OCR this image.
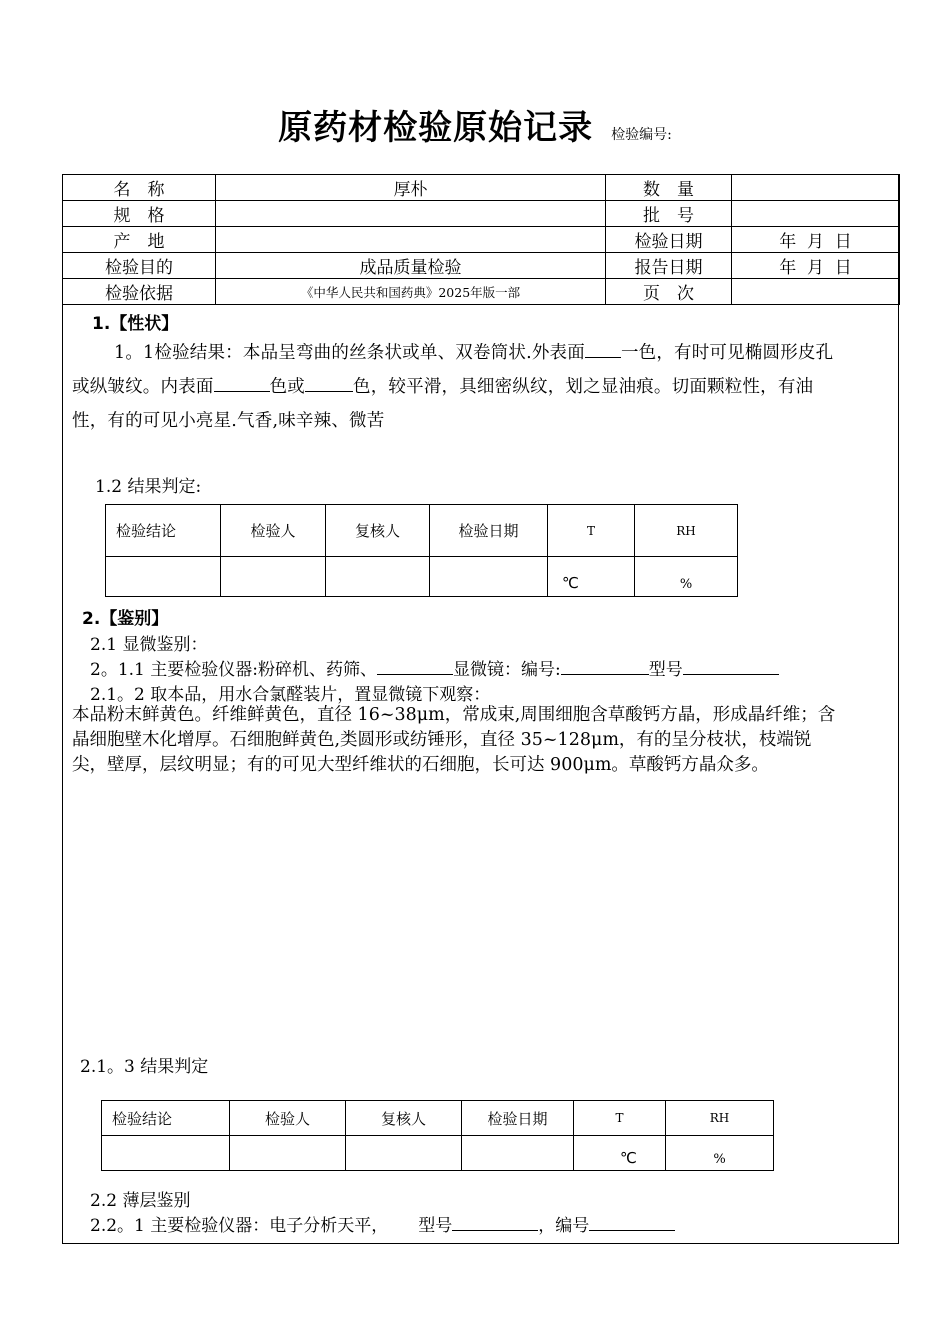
原药材检验原始记录 检验编号:
名　称	厚朴	数　量	
规　格		批　号	
产　地		检验日期	年  月  日
检验目的	成品质量检验	报告日期	年  月  日
检验依据	《中华人民共和国药典》2025年版一部	页　次	
1.【性状】
1。1检验结果：本品呈弯曲的丝条状或单、双卷筒状.外表面 一色，有时可见椭圆形皮孔
或纵皱纹。内表面	色或	色，较平滑，具细密纵纹，划之显油痕。切面颗粒性，有油
性，有的可见小亮星.气香,味辛辣、微苦
1.2 结果判定:
检验结论	检验人	复核人	检验日期	T	RH
				℃	%
2.【鉴别】
2.1 显微鉴别：
2。1.1 主要检验仪器:粉碎机、药筛、	显微镜：编号:	型号
2.1。2 取本品，用水合氯醛装片，置显微镜下观察：
本品粉末鲜黄色。纤维鲜黄色，直径 16~38μm，常成束,周围细胞含草酸钙方晶，形成晶纤维；含
晶细胞壁木化增厚。石细胞鲜黄色,类圆形或纺锤形，直径 35~128μm，有的呈分枝状，枝端锐
尖，壁厚，层纹明显；有的可见大型纤维状的石细胞，长可达 900μm。草酸钙方晶众多。
2.1。3 结果判定
检验结论	检验人	复核人	检验日期	T	RH
				℃	%
2.2 薄层鉴别
2.2。1 主要检验仪器：电子分析天平， 型号	，编号
